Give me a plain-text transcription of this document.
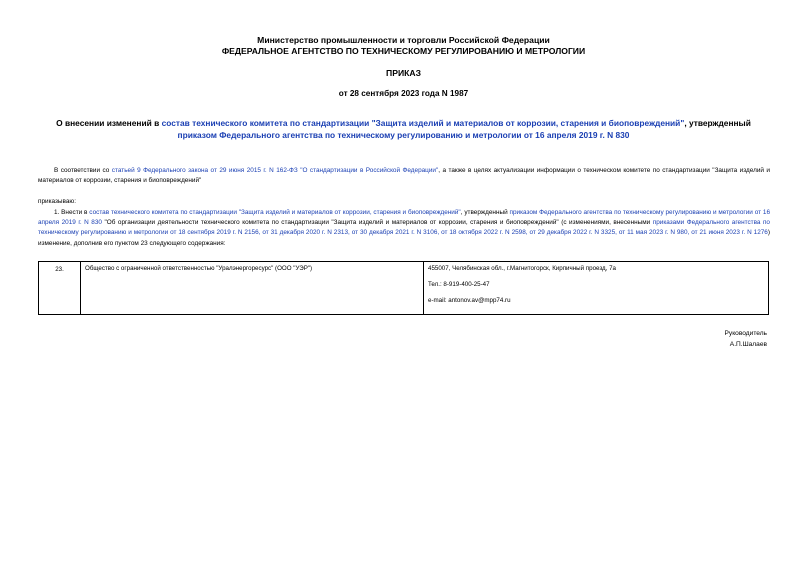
Министерство промышленности и торговли Российской Федерации
ФЕДЕРАЛЬНОЕ АГЕНТСТВО ПО ТЕХНИЧЕСКОМУ РЕГУЛИРОВАНИЮ И МЕТРОЛОГИИ
ПРИКАЗ
от 28 сентября 2023 года N 1987
О внесении изменений в состав технического комитета по стандартизации "Защита изделий и материалов от коррозии, старения и биоповреждений", утвержденный
приказом Федерального агентства по техническому регулированию и метрологии от 16 апреля 2019 г. N 830
В соответствии со статьей 9 Федерального закона от 29 июня 2015 г. N 162-ФЗ "О стандартизации в Российской Федерации", а также в целях актуализации информации о техническом комитете по стандартизации "Защита изделий и материалов от коррозии, старения и биоповреждений"
приказываю:
1. Внести в состав технического комитета по стандартизации "Защита изделий и материалов от коррозии, старения и биоповреждений", утвержденный приказом Федерального агентства по техническому регулированию и метрологии от 16 апреля 2019 г. N 830 "Об организации деятельности технического комитета по стандартизации "Защита изделий и материалов от коррозии, старения и биоповреждений" (с изменениями, внесенными приказами Федерального агентства по техническому регулированию и метрологии от 18 сентября 2019 г. N 2156, от 31 декабря 2020 г. N 2313, от 30 декабря 2021 г. N 3106, от 18 октября 2022 г. N 2598, от 29 декабря 2022 г. N 3325, от 11 мая 2023 г. N 980, от 21 июня 2023 г. N 1276) изменение, дополнив его пунктом 23 следующего содержания:
23.	Общество с ограниченной ответственностью "Уралэнергоресурс" (ООО "УЭР")	455007, Челябинская обл., г.Магнитогорск, Кирпичный проезд, 7а
Тел.: 8-919-400-25-47
e-mail: antonov.av@mpp74.ru
Руководитель
А.П.Шалаев
